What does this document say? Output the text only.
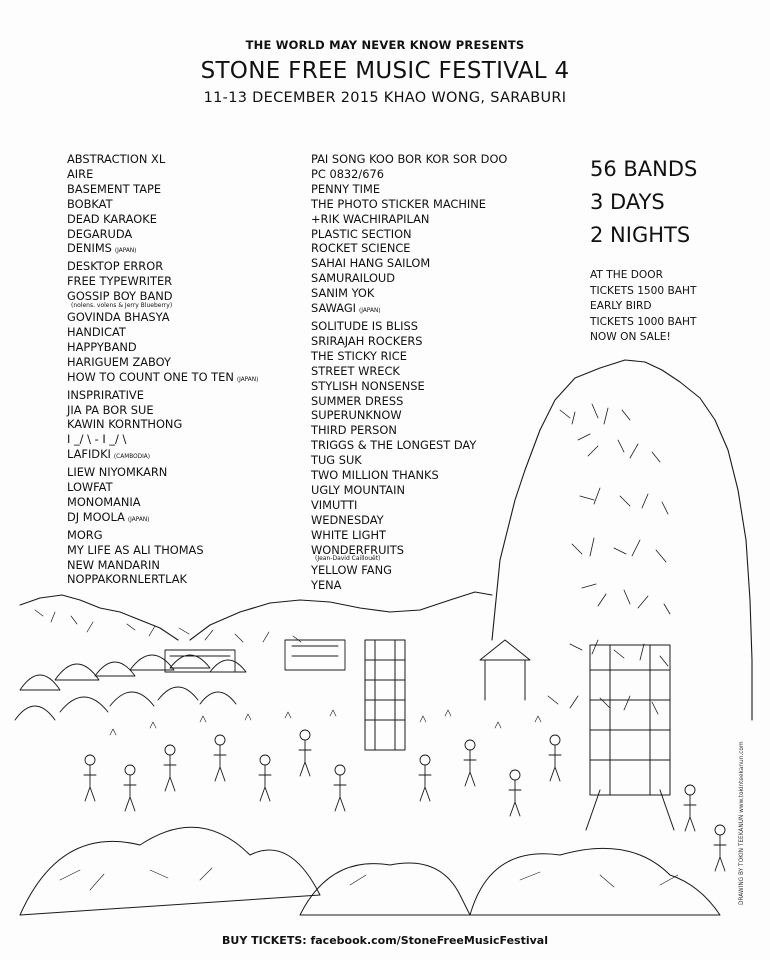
THE WORLD MAY NEVER KNOW PRESENTS
STONE FREE MUSIC FESTIVAL 4
11-13 DECEMBER 2015 KHAO WONG, SARABURI
ABSTRACTION XL
AIRE
BASEMENT TAPE
BOBKAT
DEAD KARAOKE
DEGARUDA
DENIMS (JAPAN)
DESKTOP ERROR
FREE TYPEWRITER
GOSSIP BOY BAND
(nolens. volens & Jerry Blueberry)
GOVINDA BHASYA
HANDICAT
HAPPYBAND
HARIGUEM ZABOY
HOW TO COUNT ONE TO TEN (JAPAN)
INSPRIRATIVE
JIA PA BOR SUE
KAWIN KORNTHONG
I _/ \ - I _/ \
LAFIDKI (CAMBODIA)
LIEW NIYOMKARN
LOWFAT
MONOMANIA
DJ MOOLA (JAPAN)
MORG
MY LIFE AS ALI THOMAS
NEW MANDARIN
NOPPAKORNLERTLAK
PAI SONG KOO BOR KOR SOR DOO
PC 0832/676
PENNY TIME
THE PHOTO STICKER MACHINE
+RIK WACHIRAPILAN
PLASTIC SECTION
ROCKET SCIENCE
SAHAI HANG SAILOM
SAMURAILOUD
SANIM YOK
SAWAGI (JAPAN)
SOLITUDE IS BLISS
SRIRAJAH ROCKERS
THE STICKY RICE
STREET WRECK
STYLISH NONSENSE
SUMMER DRESS
SUPERUNKNOW
THIRD PERSON
TRIGGS & THE LONGEST DAY
TUG SUK
TWO MILLION THANKS
UGLY MOUNTAIN
VIMUTTI
WEDNESDAY
WHITE LIGHT
WONDERFRUITS
(Jean-David Caillouët)
YELLOW FANG
YENA
56 BANDS
3 DAYS
2 NIGHTS
AT THE DOOR
TICKETS 1500 BAHT
EARLY BIRD
TICKETS 1000 BAHT
NOW ON SALE!
BUY TICKETS: facebook.com/StoneFreeMusicFestival
DRAWING BY TOKIN TEEKANUN www.tokinteekanun.com
